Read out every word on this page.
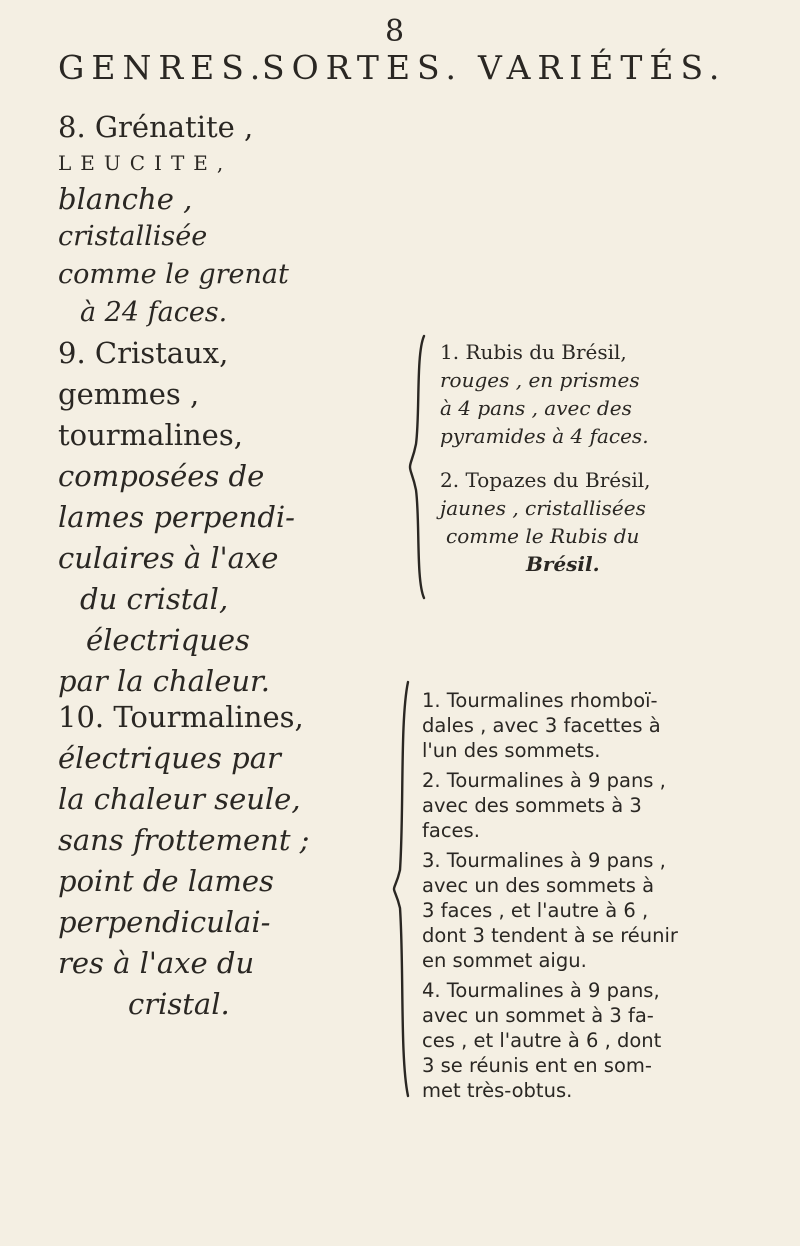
8
GENRES.
SORTES. VARIÉTÉS.
8. Grénatite ,
LEUCITE,
blanche ,
cristallisée
comme le grenat
à 24 faces.
9. Cristaux,
gemmes ,
tourmalines,
composées de
lames perpendi-
culaires à l'axe
du cristal,
électriques
par la chaleur.
10. Tourmalines,
électriques par
la chaleur seule,
sans frottement ;
point de lames
perpendiculai-
res à l'axe du
cristal.
1. Rubis du Brésil,
rouges , en prismes
à 4 pans , avec des
pyramides à 4 faces.
2. Topazes du Brésil,
jaunes , cristallisées
comme le Rubis du
Brésil.
1. Tourmalines rhomboï-
dales , avec 3 facettes à
l'un des sommets.
2. Tourmalines à 9 pans ,
avec des sommets à 3
faces.
3. Tourmalines à 9 pans ,
avec un des sommets à
3 faces , et l'autre à 6 ,
dont 3 tendent à se réunir
en sommet aigu.
4. Tourmalines à 9 pans,
avec un sommet à 3 fa-
ces , et l'autre à 6 , dont
3 se réunis ent en som-
met très-obtus.
